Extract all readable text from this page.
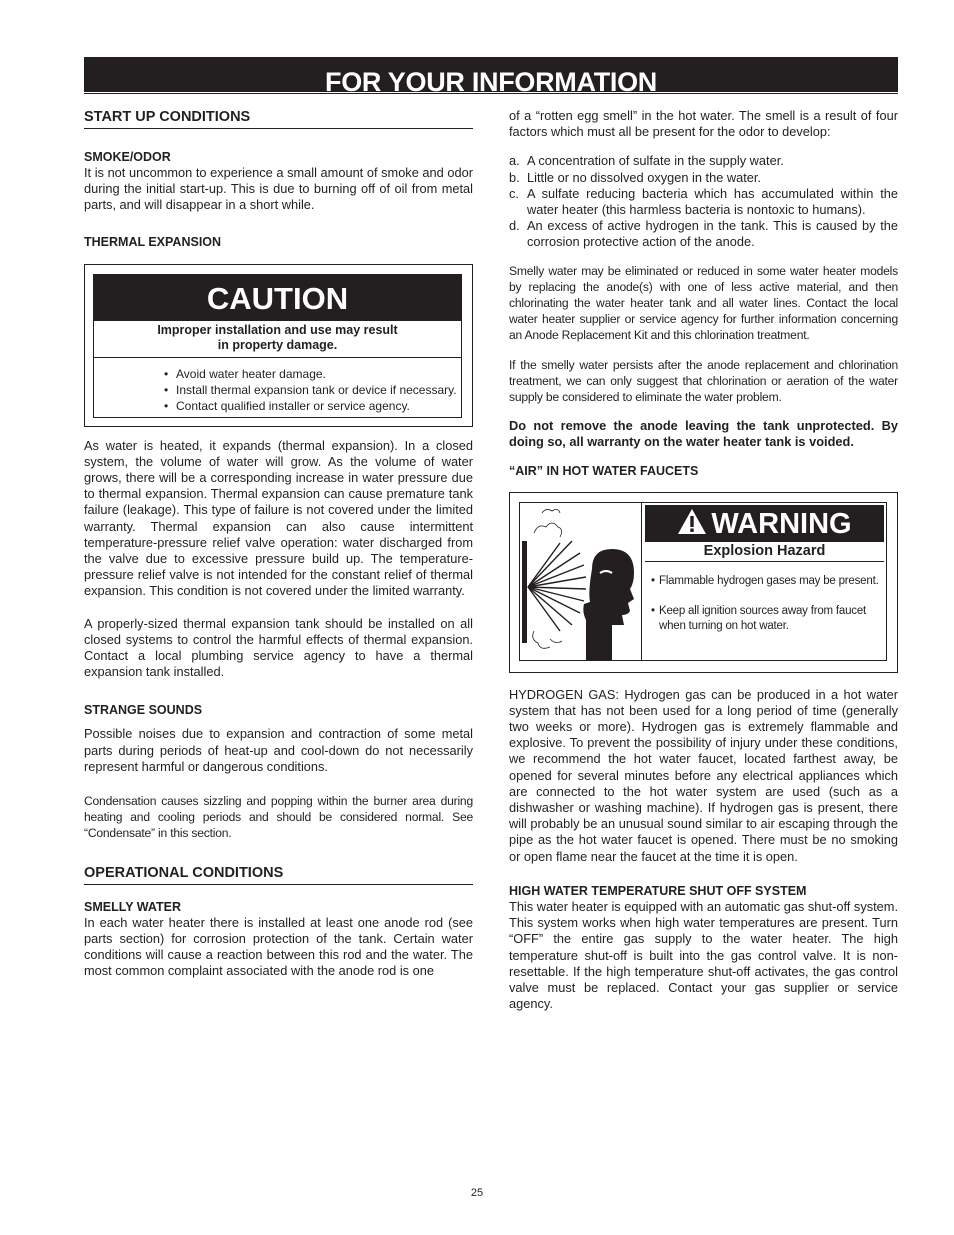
FOR YOUR INFORMATION
START UP CONDITIONS
SMOKE/ODOR

It is not uncommon to experience a small amount of smoke and odor during the initial start-up. This is due to burning off of oil from metal parts, and will disappear in a short while.

THERMAL EXPANSION
CAUTION
Improper installation and use may result
in property damage.
• Avoid water heater damage.
• Install thermal expansion tank or device if necessary.
• Contact qualified installer or service agency.

As water is heated, it expands (thermal expansion). In a closed system, the volume of water will grow. As the volume of water grows, there will be a corresponding increase in water pressure due to thermal expansion. Thermal expansion can cause premature tank failure (leakage). This type of failure is not covered under the limited warranty. Thermal expansion can also cause intermittent temperature-pressure relief valve operation: water discharged from the valve due to excessive pressure build up. The temperature-pressure relief valve is not intended for the constant relief of thermal expansion. This condition is not covered under the limited warranty.

A properly-sized thermal expansion tank should be installed on all closed systems to control the harmful effects of thermal expansion. Contact a local plumbing service agency to have a thermal expansion tank installed.

STRANGE SOUNDS

Possible noises due to expansion and contraction of some metal parts during periods of heat-up and cool-down do not necessarily represent harmful or dangerous conditions.

Condensation causes sizzling and popping within the burner area during heating and cooling periods and should be considered normal. See “Condensate” in this section.

OPERATIONAL CONDITIONS
SMELLY WATER

In each water heater there is installed at least one anode rod (see parts section) for corrosion protection of the tank. Certain water conditions will cause a reaction between this rod and the water. The most common complaint associated with the anode rod is one

of a “rotten egg smell” in the hot water. The smell is a result of four factors which must all be present for the odor to develop:

a. A concentration of sulfate in the supply water.
b. Little or no dissolved oxygen in the water.
c. A sulfate reducing bacteria which has accumulated within the water heater (this harmless bacteria is nontoxic to humans).
d. An excess of active hydrogen in the tank. This is caused by the corrosion protective action of the anode.

Smelly water may be eliminated or reduced in some water heater models by replacing the anode(s) with one of less active material, and then chlorinating the water heater tank and all water lines. Contact the local water heater supplier or service agency for further information concerning an Anode Replacement Kit and this chlorination treatment.

If the smelly water persists after the anode replacement and chlorination treatment, we can only suggest that chlorination or aeration of the water supply be considered to eliminate the water problem.

Do not remove the anode leaving the tank unprotected. By doing so, all warranty on the water heater tank is voided.

“AIR” IN HOT WATER FAUCETS
WARNING
Explosion Hazard
• Flammable hydrogen gases may be present.
• Keep all ignition sources away from faucet when turning on hot water.

HYDROGEN GAS: Hydrogen gas can be produced in a hot water system that has not been used for a long period of time (generally two weeks or more). Hydrogen gas is extremely flammable and explosive. To prevent the possibility of injury under these conditions, we recommend the hot water faucet, located farthest away, be opened for several minutes before any electrical appliances which are connected to the hot water system are used (such as a dishwasher or washing machine). If hydrogen gas is present, there will probably be an unusual sound similar to air escaping through the pipe as the hot water faucet is opened. There must be no smoking or open flame near the faucet at the time it is open.

HIGH WATER TEMPERATURE SHUT OFF SYSTEM

This water heater is equipped with an automatic gas shut-off system. This system works when high water temperatures are present. Turn “OFF” the entire gas supply to the water heater. The high temperature shut-off is built into the gas control valve. It is non-resettable. If the high temperature shut-off activates, the gas control valve must be replaced. Contact your gas supplier or service agency.

25
